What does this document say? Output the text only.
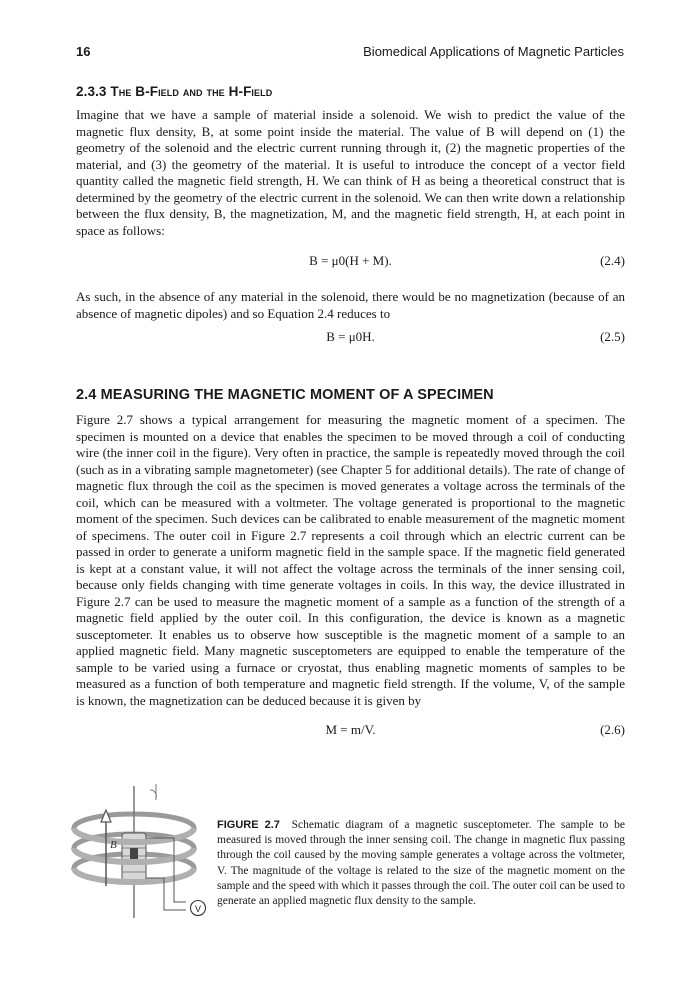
16	Biomedical Applications of Magnetic Particles
2.3.3 The B-Field and the H-Field

Imagine that we have a sample of material inside a solenoid. We wish to predict the value of the magnetic flux density, B, at some point inside the material. The value of B will depend on (1) the geometry of the solenoid and the electric current running through it, (2) the magnetic properties of the material, and (3) the geometry of the material. It is useful to introduce the concept of a vector field quantity called the magnetic field strength, H. We can think of H as being a theoretical construct that is determined by the geometry of the electric current in the solenoid. We can then write down a relationship between the flux density, B, the magnetization, M, and the magnetic field strength, H, at each point in space as follows:

B = μ0(H + M).	(2.4)

As such, in the absence of any material in the solenoid, there would be no magnetization (because of an absence of magnetic dipoles) and so Equation 2.4 reduces to

B = μ0H.	(2.5)
2.4 MEASURING THE MAGNETIC MOMENT OF A SPECIMEN

Figure 2.7 shows a typical arrangement for measuring the magnetic moment of a specimen. The specimen is mounted on a device that enables the specimen to be moved through a coil of conducting wire (the inner coil in the figure). Very often in practice, the sample is repeatedly moved through the coil (such as in a vibrating sample magnetometer) (see Chapter 5 for additional details). The rate of change of magnetic flux through the coil as the specimen is moved generates a voltage across the terminals of the coil, which can be measured with a voltmeter. The voltage generated is proportional to the magnetic moment of the specimen. Such devices can be calibrated to enable measurement of the magnetic moment of specimens. The outer coil in Figure 2.7 represents a coil through which an electric current can be passed in order to generate a uniform magnetic field in the sample space. If the magnetic field generated is kept at a constant value, it will not affect the voltage across the terminals of the inner sensing coil, because only fields changing with time generate voltages in coils. In this way, the device illustrated in Figure 2.7 can be used to measure the magnetic moment of a sample as a function of the strength of a magnetic field applied by the outer coil. In this configuration, the device is known as a magnetic susceptometer. It enables us to observe how susceptible is the magnetic moment of a sample to an applied magnetic field. Many magnetic susceptometers are equipped to enable the temperature of the sample to be varied using a furnace or cryostat, thus enabling magnetic moments of samples to be measured as a function of both temperature and magnetic field strength. If the volume, V, of the sample is known, the magnetization can be deduced because it is given by

M = m/V.	(2.6)
B
V

FIGURE 2.7 Schematic diagram of a magnetic susceptometer. The sample to be measured is moved through the inner sensing coil. The change in magnetic flux passing through the coil caused by the moving sample generates a voltage across the voltmeter, V. The magnitude of the voltage is related to the size of the magnetic moment on the sample and the speed with which it passes through the coil. The outer coil can be used to generate an applied magnetic flux density to the sample.
